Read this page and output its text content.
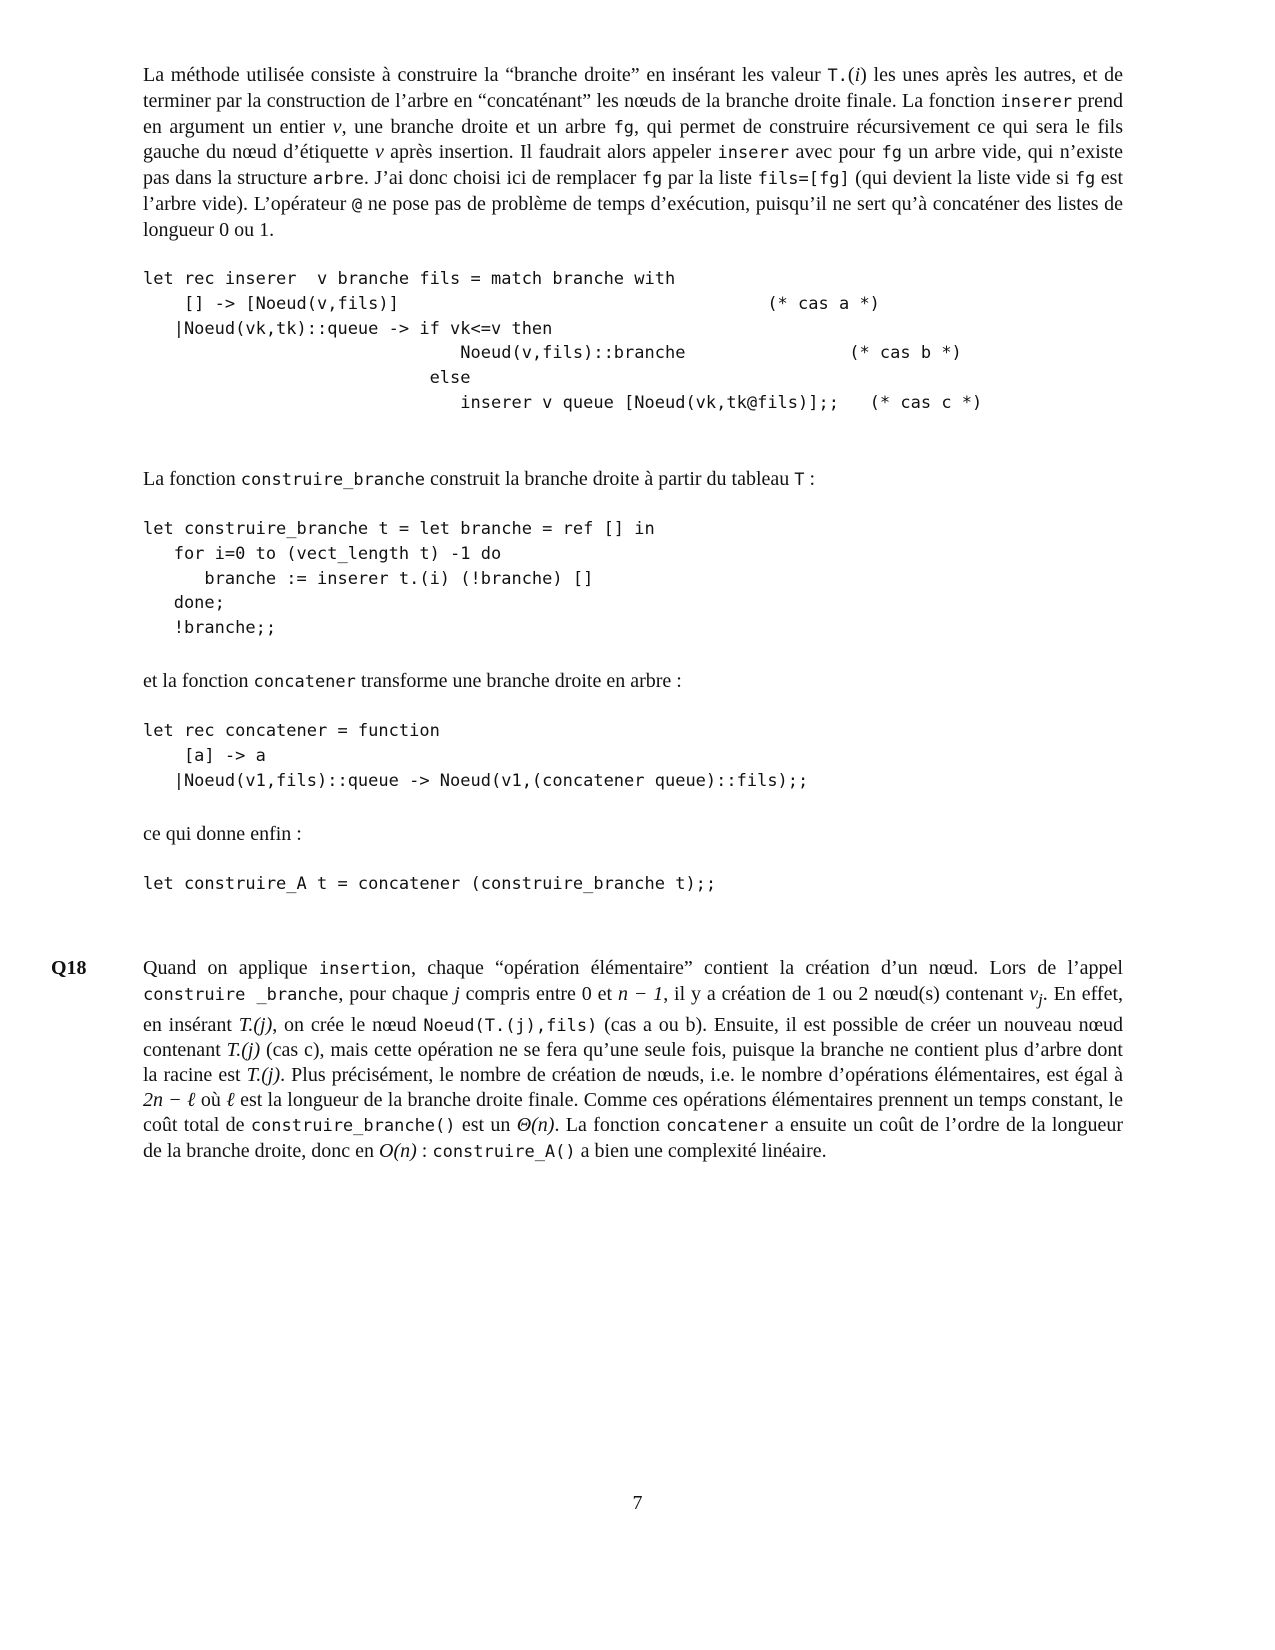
La méthode utilisée consiste à construire la “branche droite” en insérant les valeur T.(i) les unes après les autres, et de terminer par la construction de l’arbre en “concaténant” les nœuds de la branche droite finale. La fonction inserer prend en argument un entier v, une branche droite et un arbre fg, qui permet de construire récursivement ce qui sera le fils gauche du nœud d’étiquette v après insertion. Il faudrait alors appeler inserer avec pour fg un arbre vide, qui n’existe pas dans la structure arbre. J’ai donc choisi ici de remplacer fg par la liste fils=[fg] (qui devient la liste vide si fg est l’arbre vide). L’opérateur @ ne pose pas de problème de temps d’exécution, puisqu’il ne sert qu’à concaténer des listes de longueur 0 ou 1.

let rec inserer  v branche fils = match branche with
[] -> [Noeud(v,fils)]                                    (* cas a *)
|Noeud(vk,tk)::queue -> if vk<=v then
Noeud(v,fils)::branche                (* cas b *)
else
inserer v queue [Noeud(vk,tk@fils)];;   (* cas c *)

La fonction construire_branche construit la branche droite à partir du tableau T :

let construire_branche t = let branche = ref [] in
for i=0 to (vect_length t) -1 do
branche := inserer t.(i) (!branche) []
done;
!branche;;

et la fonction concatener transforme une branche droite en arbre :

let rec concatener = function
[a] -> a
|Noeud(v1,fils)::queue -> Noeud(v1,(concatener queue)::fils);;

ce qui donne enfin :

let construire_A t = concatener (construire_branche t);;
Q18	Quand on applique insertion, chaque “opération élémentaire” contient la création d’un nœud. Lors de l’appel construire _branche, pour chaque j compris entre 0 et n − 1, il y a création de 1 ou 2 nœud(s) contenant $v_j$. En effet, en insérant T.(j), on crée le nœud Noeud(T.(j),fils) (cas a ou b). Ensuite, il est possible de créer un nouveau nœud contenant T.(j) (cas c), mais cette opération ne se fera qu’une seule fois, puisque la branche ne contient plus d’arbre dont la racine est T.(j). Plus précisément, le nombre de création de nœuds, i.e. le nombre d’opérations élémentaires, est égal à 2n − ℓ où ℓ est la longueur de la branche droite finale. Comme ces opérations élémentaires prennent un temps constant, le coût total de construire_branche() est un Θ(n). La fonction concatener a ensuite un coût de l’ordre de la longueur de la branche droite, donc en O(n) : construire_A() a bien une complexité linéaire.

7
